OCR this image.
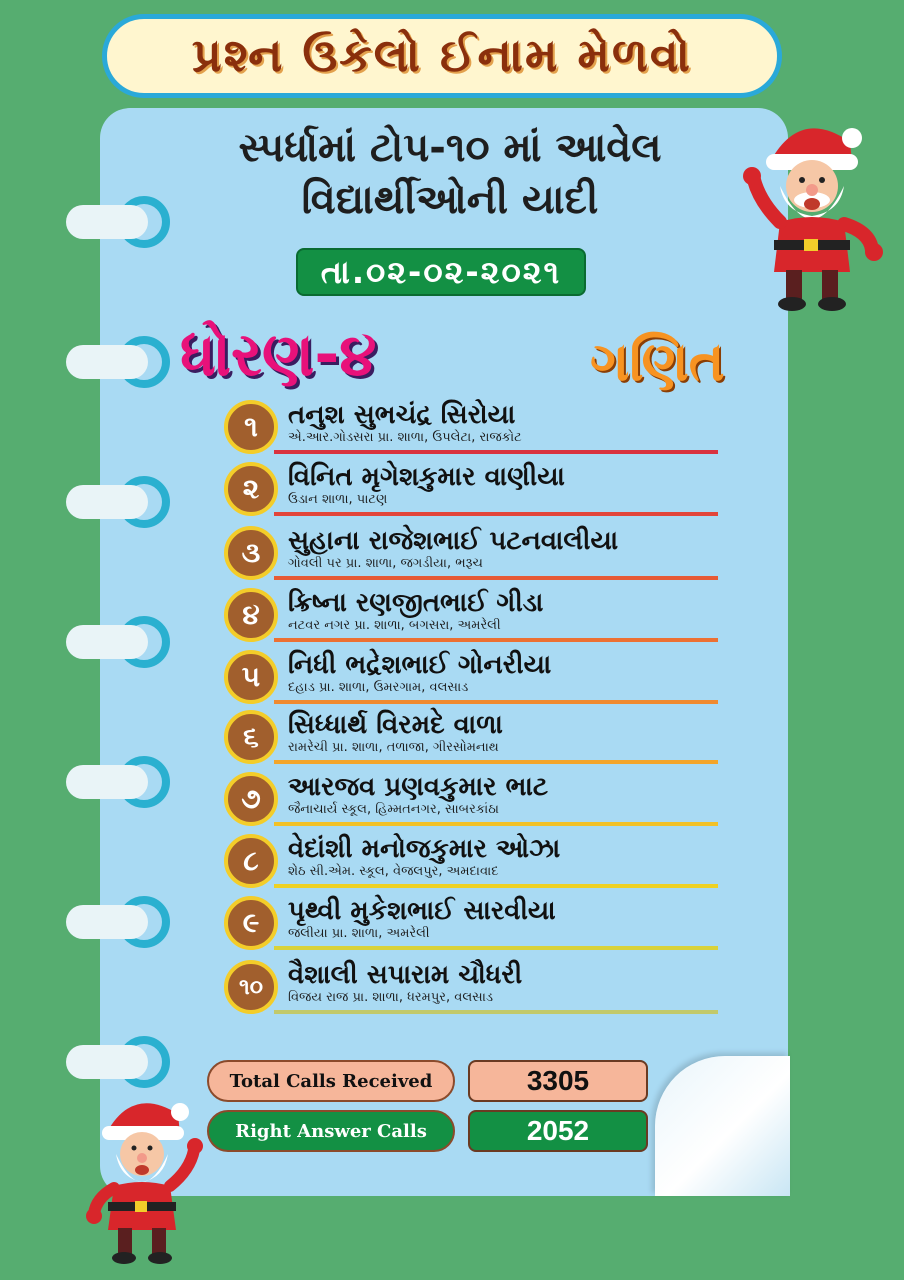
પ્રશ્ન ઉકેલો ઈનામ મેળવો
સ્પર્ધામાં ટોપ-૧૦ માં આવેલ
વિદ્યાર્થીઓની યાદી
તા.૦૨-૦૨-૨૦૨૧
ધોરણ-૪	ગણિત
૧	તનુશ સુભચંદ્ર સિરોયા
એ.આર.ગોડસરા પ્રા. શાળા, ઉપલેટા, રાજકોટ
૨	વિનિત મૃગેશકુમાર વાણીયા
ઉડાન શાળા, પાટણ
૩	સુહાના રાજેશભાઈ પટનવાલીયા
ગોવલી પર પ્રા. શાળા, જગડીયા, ભરૂચ
૪	ક્રિષ્ના રણજીતભાઈ ગીડા
નટવર નગર પ્રા. શાળા, બગસરા, અમરેલી
૫	નિધી ભદ્રેશભાઈ ગોનરીયા
દહાડ પ્રા. શાળા, ઉમરગામ, વલસાડ
૬	સિધ્ધાર્થ વિરમદે વાળા
રામરેચી પ્રા. શાળા, તળાજા, ગીરસોમનાથ
૭	આરજવ પ્રણવકુમાર ભાટ
જૈનાચાર્ય સ્કૂલ, હિમ્મતનગર, સાબરકાંઠા
૮	વેદાંશી મનોજકુમાર ઓઝા
શેઠ સી.એમ. સ્કૂલ, વેજલપુર, અમદાવાદ
૯	પૃથ્વી મુકેશભાઈ સારવીયા
જલીયા પ્રા. શાળા, અમરેલી
૧૦ વૈશાલી સપારામ ચૌધરી
વિજય રાજ પ્રા. શાળા, ધરમપુર, વલસાડ
Total Calls Received	3305
Right Answer Calls	2052
